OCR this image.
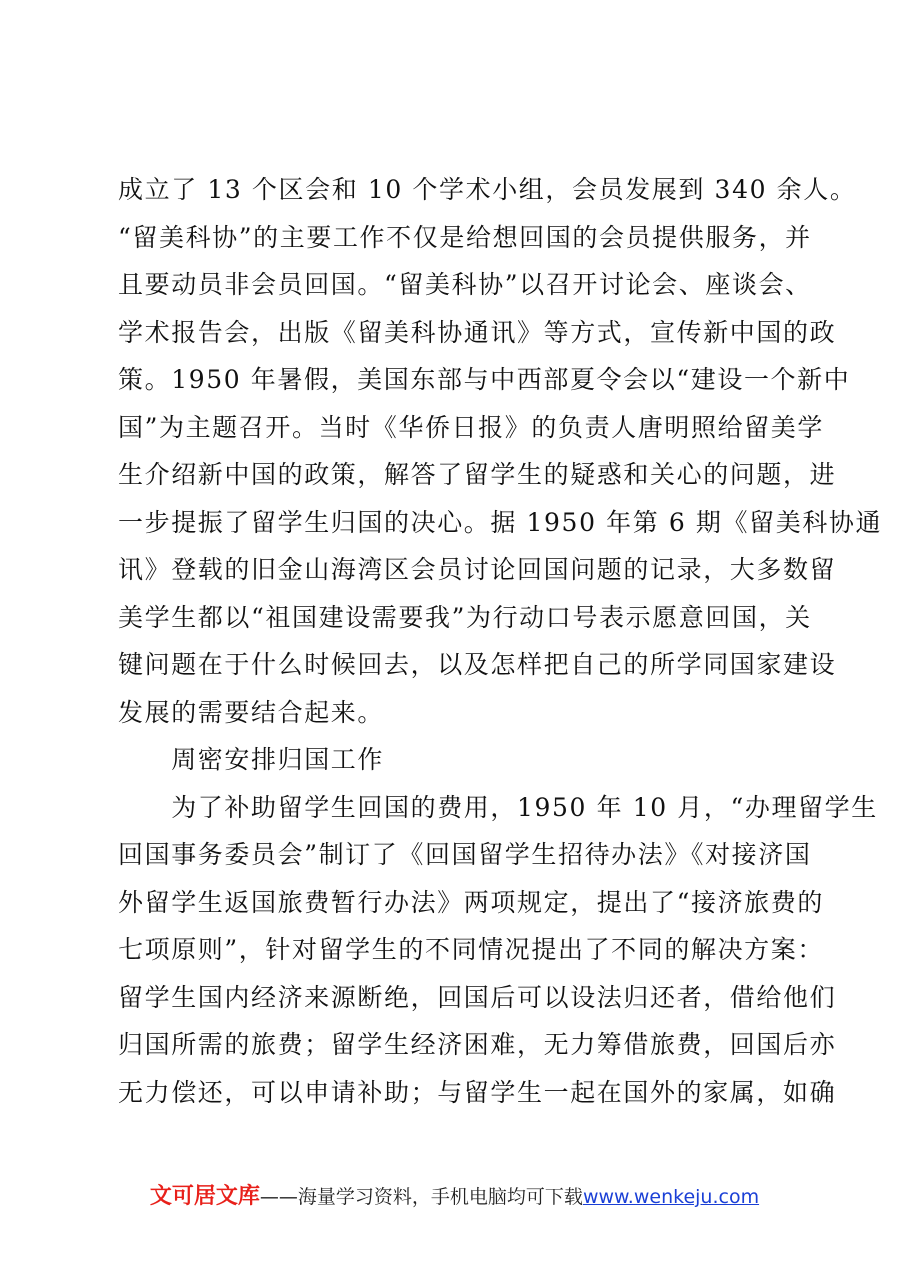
成立了 13 个区会和 10 个学术小组，会员发展到 340 余人。
“留美科协”的主要工作不仅是给想回国的会员提供服务，并
且要动员非会员回国。“留美科协”以召开讨论会、座谈会、
学术报告会，出版《留美科协通讯》等方式，宣传新中国的政
策。1950 年暑假，美国东部与中西部夏令会以“建设一个新中
国”为主题召开。当时《华侨日报》的负责人唐明照给留美学
生介绍新中国的政策，解答了留学生的疑惑和关心的问题，进
一步提振了留学生归国的决心。据 1950 年第 6 期《留美科协通
讯》登载的旧金山海湾区会员讨论回国问题的记录，大多数留
美学生都以“祖国建设需要我”为行动口号表示愿意回国，关
键问题在于什么时候回去，以及怎样把自己的所学同国家建设
发展的需要结合起来。
　　周密安排归国工作
　　为了补助留学生回国的费用，1950 年 10 月，“办理留学生
回国事务委员会”制订了《回国留学生招待办法》《对接济国
外留学生返国旅费暂行办法》两项规定，提出了“接济旅费的
七项原则”，针对留学生的不同情况提出了不同的解决方案：
留学生国内经济来源断绝，回国后可以设法归还者，借给他们
归国所需的旅费；留学生经济困难，无力筹借旅费，回国后亦
无力偿还，可以申请补助；与留学生一起在国外的家属，如确
文可居文库——海量学习资料，手机电脑均可下载www.wenkeju.com
